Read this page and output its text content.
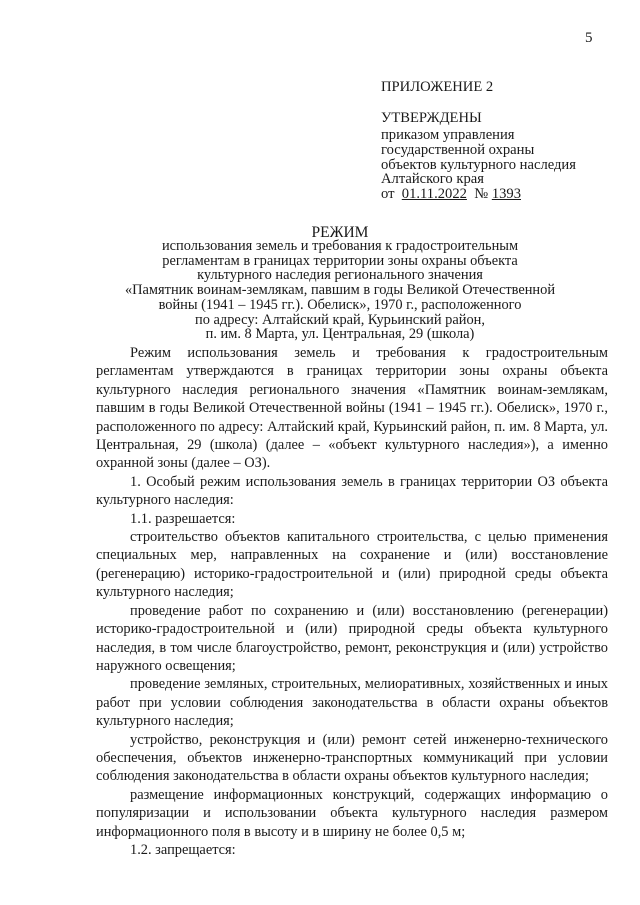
5
ПРИЛОЖЕНИЕ 2
УТВЕРЖДЕНЫ
приказом управления
государственной охраны
объектов культурного наследия
Алтайского края
от 01.11.2022 № 1393
РЕЖИМ
использования земель и требования к градостроительным
регламентам в границах территории зоны охраны объекта
культурного наследия регионального значения
«Памятник воинам-землякам, павшим в годы Великой Отечественной
войны (1941 – 1945 гг.). Обелиск», 1970 г., расположенного
по адресу: Алтайский край, Курьинский район,
п. им. 8 Марта, ул. Центральная, 29 (школа)

Режим использования земель и требования к градостроительным регламентам утверждаются в границах территории зоны охраны объекта культурного наследия регионального значения «Памятник воинам-землякам, павшим в годы Великой Отечественной войны (1941 – 1945 гг.). Обелиск», 1970 г., расположенного по адресу: Алтайский край, Курьинский район, п. им. 8 Марта, ул. Центральная, 29 (школа) (далее – «объект культурного наследия»), а именно охранной зоны (далее – ОЗ).

1. Особый режим использования земель в границах территории ОЗ объекта культурного наследия:

1.1. разрешается:

строительство объектов капитального строительства, с целью применения специальных мер, направленных на сохранение и (или) восстановление (регенерацию) историко-градостроительной и (или) природной среды объекта культурного наследия;

проведение работ по сохранению и (или) восстановлению (регенерации) историко-градостроительной и (или) природной среды объекта культурного наследия, в том числе благоустройство, ремонт, реконструкция и (или) устройство наружного освещения;

проведение земляных, строительных, мелиоративных, хозяйственных и иных работ при условии соблюдения законодательства в области охраны объектов культурного наследия;

устройство, реконструкция и (или) ремонт сетей инженерно-технического обеспечения, объектов инженерно-транспортных коммуникаций при условии соблюдения законодательства в области охраны объектов культурного наследия;

размещение информационных конструкций, содержащих информацию о популяризации и использовании объекта культурного наследия размером информационного поля в высоту и в ширину не более 0,5 м;

1.2. запрещается:
